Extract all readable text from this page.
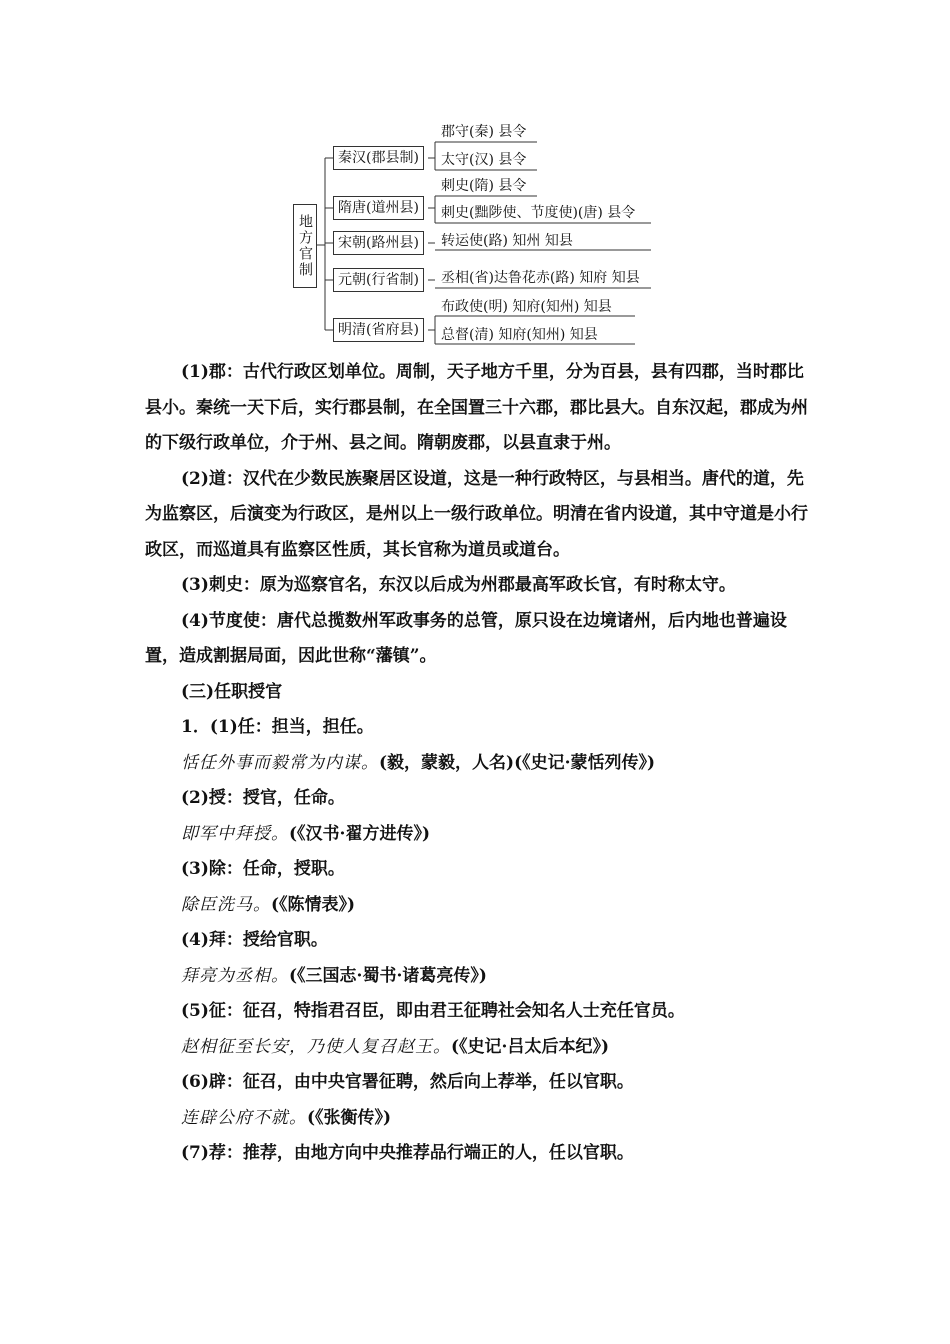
地方官制
秦汉(郡县制)
郡守(秦) 县令
太守(汉) 县令
隋唐(道州县)
刺史(隋) 县令
刺史(黜陟使、节度使)(唐) 县令
宋朝(路州县)	转运使(路) 知州 知县
元朝(行省制)	丞相(省)达鲁花赤(路) 知府 知县
明清(省府县)
布政使(明) 知府(知州) 知县
总督(清) 知府(知州) 知县

(1)郡：古代行政区划单位。周制，天子地方千里，分为百县，县有四郡，当时郡比县小。秦统一天下后，实行郡县制，在全国置三十六郡，郡比县大。自东汉起，郡成为州的下级行政单位，介于州、县之间。隋朝废郡，以县直隶于州。

(2)道：汉代在少数民族聚居区设道，这是一种行政特区，与县相当。唐代的道，先为监察区，后演变为行政区，是州以上一级行政单位。明清在省内设道，其中守道是小行政区，而巡道具有监察区性质，其长官称为道员或道台。

(3)刺史：原为巡察官名，东汉以后成为州郡最高军政长官，有时称太守。

(4)节度使：唐代总揽数州军政事务的总管，原只设在边境诸州，后内地也普遍设置，造成割据局面，因此世称“藩镇”。

(三)任职授官

1．(1)任：担当，担任。

恬任外事而毅常为内谋。(毅，蒙毅，人名)(《史记·蒙恬列传》)

(2)授：授官，任命。

即军中拜授。(《汉书·翟方进传》)

(3)除：任命，授职。

除臣洗马。(《陈情表》)

(4)拜：授给官职。

拜亮为丞相。(《三国志·蜀书·诸葛亮传》)

(5)征：征召，特指君召臣，即由君王征聘社会知名人士充任官员。

赵相征至长安，乃使人复召赵王。(《史记·吕太后本纪》)

(6)辟：征召，由中央官署征聘，然后向上荐举，任以官职。

连辟公府不就。(《张衡传》)

(7)荐：推荐，由地方向中央推荐品行端正的人，任以官职。
